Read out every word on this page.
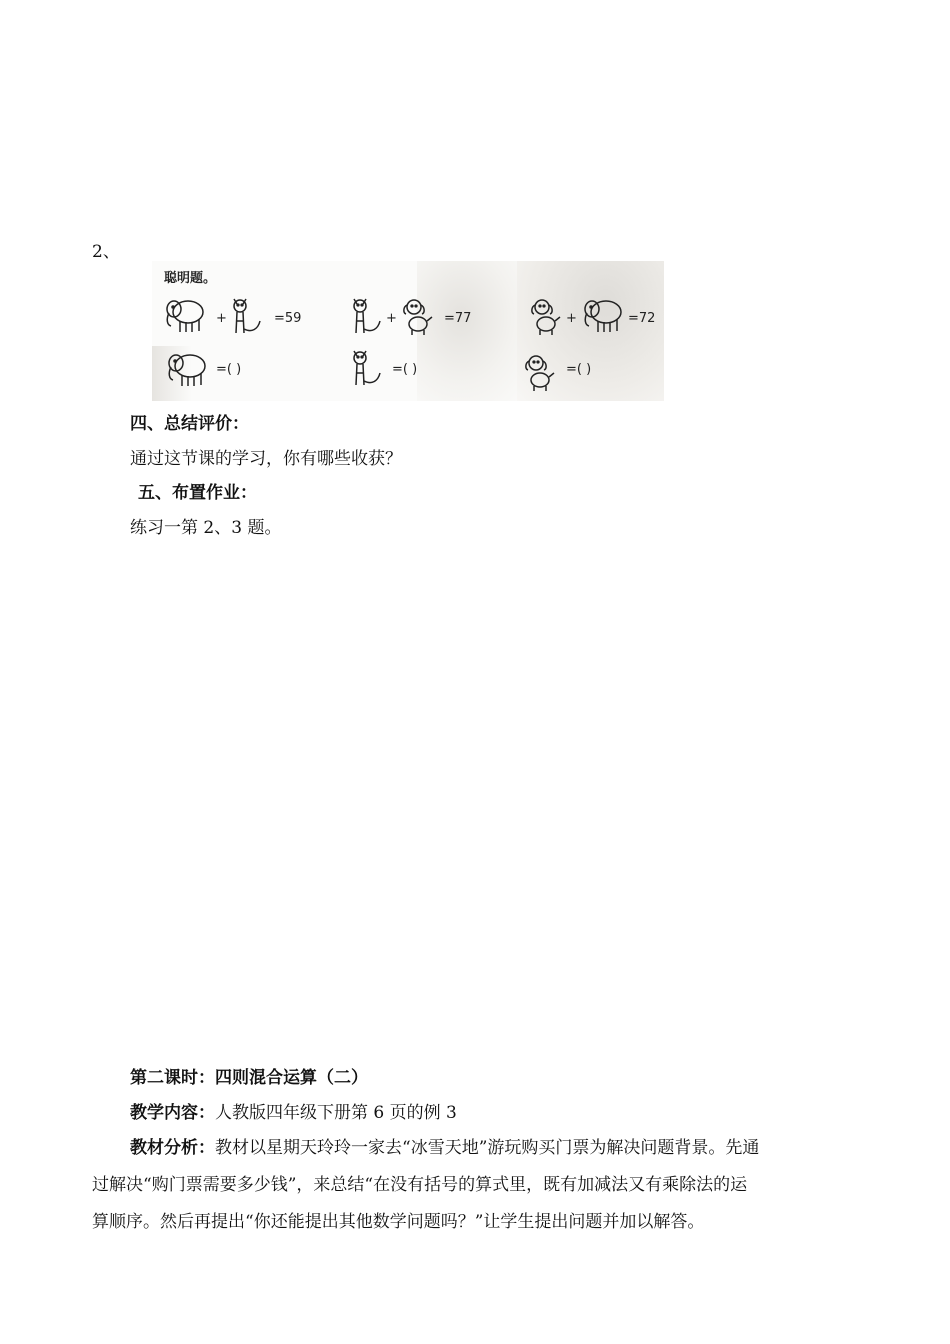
2、
聪明题。
+	=59	+	=77	+	=72
=( )	=( )	=( )
四、总结评价：
通过这节课的学习，你有哪些收获？
五、布置作业：
练习一第 2、3 题。
第二课时：四则混合运算（二）
教学内容：人教版四年级下册第 6 页的例 3
教材分析：教材以星期天玲玲一家去“冰雪天地”游玩购买门票为解决问题背景。先通
过解决“购门票需要多少钱”，来总结“在没有括号的算式里，既有加减法又有乘除法的运
算顺序。然后再提出“你还能提出其他数学问题吗？”让学生提出问题并加以解答。
